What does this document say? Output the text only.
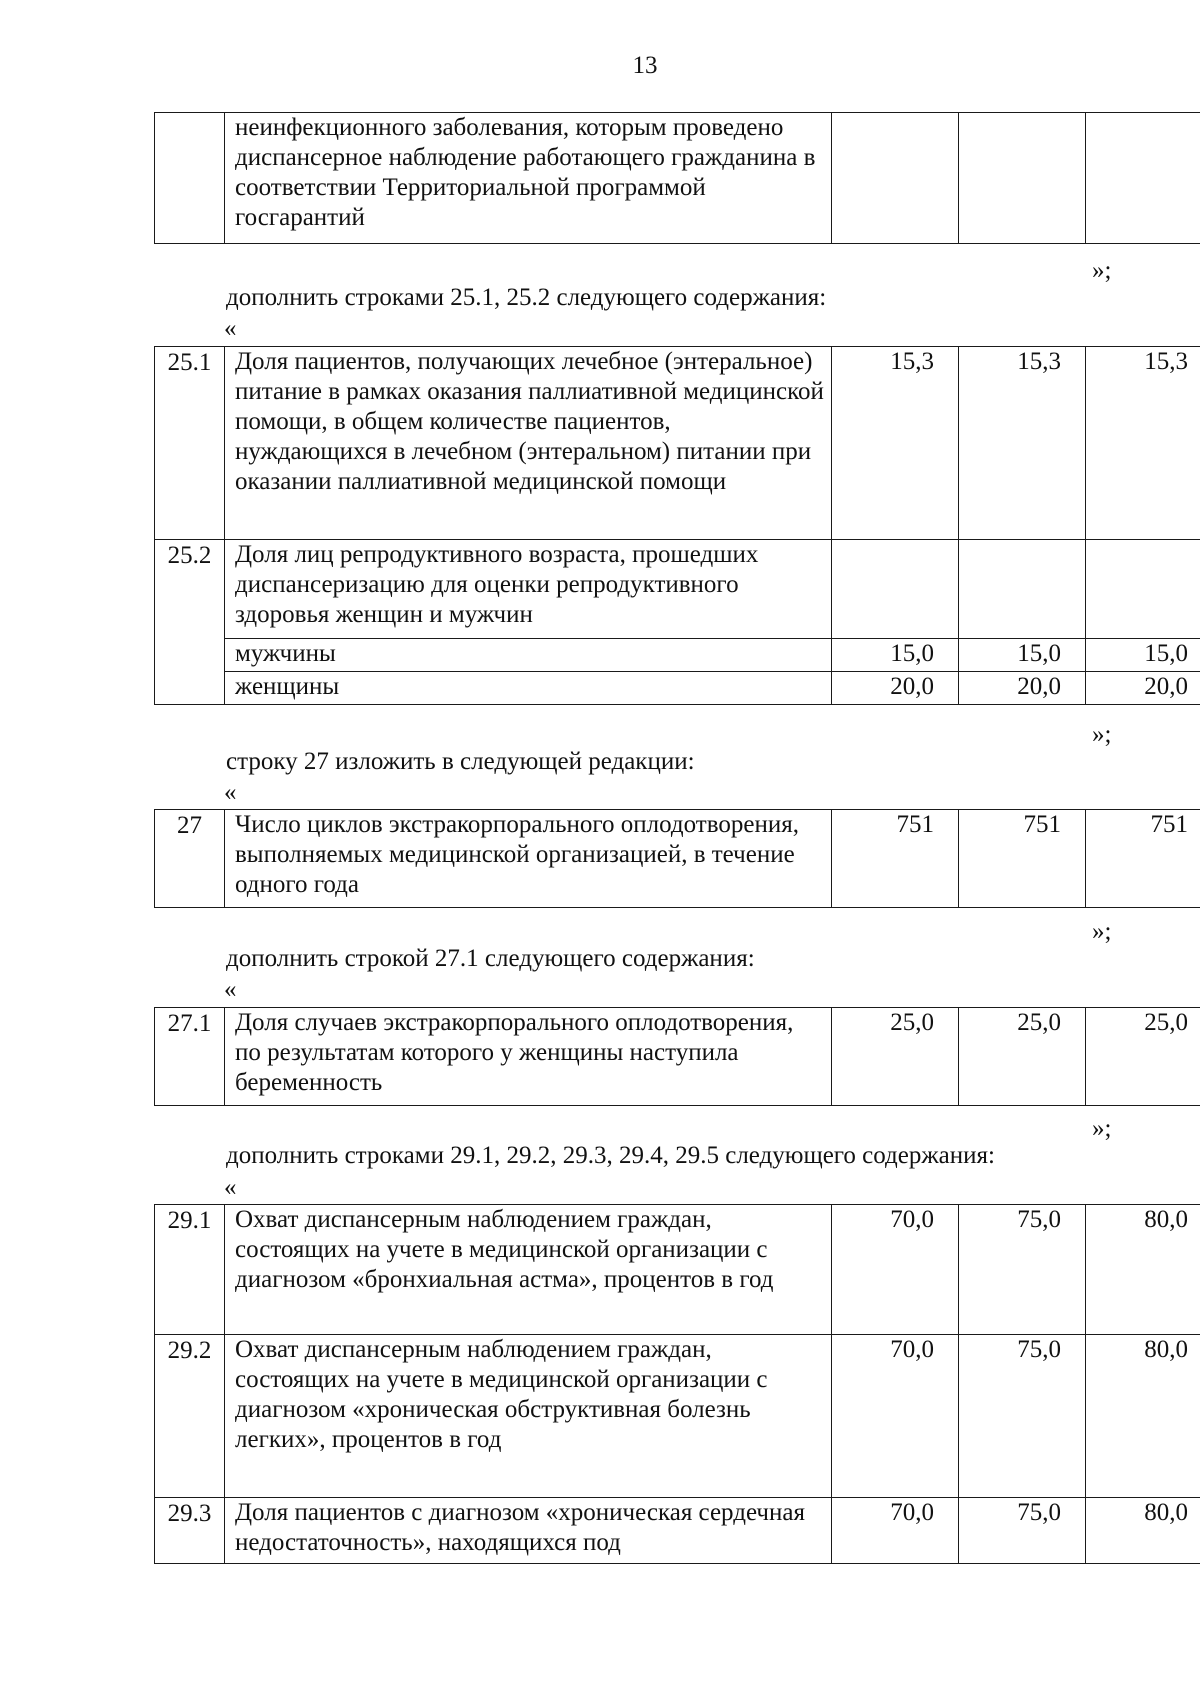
13
	неинфекционного заболевания, которым проведено диспансерное наблюдение работающего гражданина в соответствии Территориальной программой госгарантий			
»;
дополнить строками 25.1, 25.2 следующего содержания:
«
25.1	Доля пациентов, получающих лечебное (энтеральное) питание в рамках оказания паллиативной медицинской помощи, в общем количестве пациентов, нуждающихся в лечебном (энтеральном) питании при оказании паллиативной медицинской помощи	15,3	15,3	15,3
25.2	Доля лиц репродуктивного возраста, прошедших диспансеризацию для оценки репродуктивного здоровья женщин и мужчин			
	мужчины	15,0	15,0	15,0
	женщины	20,0	20,0	20,0
»;
строку 27 изложить в следующей редакции:
«
27	Число циклов экстракорпорального оплодотворения, выполняемых медицинской организацией, в течение одного года	751	751	751
»;
дополнить строкой 27.1 следующего содержания:
«
27.1	Доля случаев экстракорпорального оплодотворения, по результатам которого у женщины наступила беременность	25,0	25,0	25,0
»;
дополнить строками 29.1, 29.2, 29.3, 29.4, 29.5 следующего содержания:
«
29.1	Охват диспансерным наблюдением граждан, состоящих на учете в медицинской организации с диагнозом «бронхиальная астма», процентов в год	70,0	75,0	80,0
29.2	Охват диспансерным наблюдением граждан, состоящих на учете в медицинской организации с диагнозом «хроническая обструктивная болезнь легких», процентов в год	70,0	75,0	80,0
29.3	Доля пациентов с диагнозом «хроническая сердечная недостаточность», находящихся под	70,0	75,0	80,0
